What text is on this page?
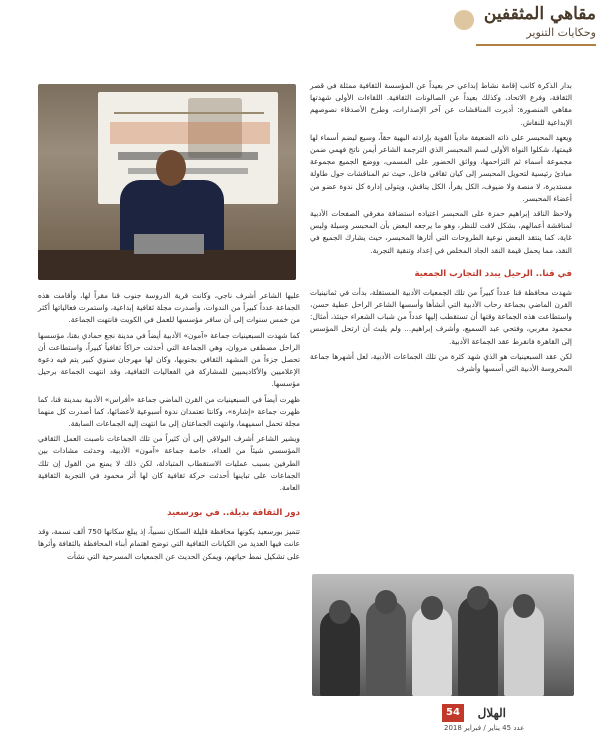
مقاهي المثقفين
وحكايات التنوير

بدار الذكرة كانب إقامة نشاط إبداعي حر بعيداً عن المؤسسة الثقافية ممثلة في قصر الثقافة، وفرع الاتحاد، وكذلك بعيداً عن الصالونات الثقافية. اللقاءات الأولى شهدتها مقاهي المنصورة: أديرت المناقشات عن آخر الإصدارات، وطرح الأصدقاء نصوصهم الإبداعية للنقاش.

ويعهد المحبسر على ذاته الضعيفة مادياً القوية بإرادته البهية حقاً، وسيع ليضم أسماء لها قيمتها، شكلوا النواة الأولى لسم المحبسر الذي الترجمة الشاعر أيمن ناتج فهمي ضمن مجموعة أسماء ثم التزاحمها، وواثق الحضور على المسمى، ووضع الجميع مجموعة مبادئ رئيسية لتحويل المحبسر إلى كيان ثقافي فاعل، حيث تم المناقشات حول طاولة مستديرة، لا منصة ولا ضيوف، الكل يقرأ، الكل يناقش، ويتولى إدارة كل ندوة عضو من أعضاء المحبسر.

ولاحظ الناقد إبراهيم حمزة على المحبسر اعتياده استضافة مغرقي الصفحات الأدبية لمناقشة أعمالهم، بشكل لافت للنظر، وهو ما يرجعه البعض بأن المحبسر وسيلة وليس غاية، كما ينتقد البعض نوعية الطروحات التي أثارها المحبسر، حيث يشارك الجميع في النقد، مما يحمل قيمة النقد الجاد المخلص في إعداد وتنقية التجربة.

في قنا.. الرحيل يبدد التجارب الجمعية

شهدت محافظة قنا عدداً كبيراً من تلك الجمعيات الأدبية المستقلة، بدأت في ثمانينيات القرن الماضي بجماعة رحاب الأدبية التي أنشأها وأسسها الشاعر الراحل عطية حسن، واستطاعت هذه الجماعة وقتها أن تستقطب إليها عدداً من شباب الشعراء حينئذ، أمثال: محمود مغربي، وفتحي عبد السميع، وأشرف إبراهيم... ولم يلبث أن ارتحل المؤسس إلى القاهرة فانفرط عقد الجماعة الأدبية.

لكن عقد السبعينيات هو الذي شهد كثرة من تلك الجماعات الأدبية، لعل أشهرها جماعة المحروسة الأدبية التي أسسها وأشرف

عليها الشاعر أشرف ناجي، وكانت قرية الدروسة جنوب قنا مقراً لها، وأقامت هذه الجماعة عدداً كبيراً من الندوات، وأصدرت مجلة ثقافية إبداعية، واستمرت فعالياتها أكثر من خمس سنوات إلى أن سافر مؤسسها للعمل في الكويت فانتهت الجماعة.

كما شهدت السبعينيات جماعة «آمون» الأدبية أيضاً في مدينة نجع حمادي بقنا، مؤسسها الراحل مصطفى مروان، وهي الجماعة التي أحدثت حراكاً ثقافياً كبيراً، واستطاعت أن تحصل جزءاً من المشهد الثقافي بجنوبها، وكان لها مهرجان سنوي كبير يتم فيه دعوة الإعلاميين والأكاديميين للمشاركة في الفعاليات الثقافية، وقد انتهت الجماعة برحيل مؤسسها.

ظهرت أيضاً في السبعينيات من القرن الماضي جماعة «أفراس» الأدبية بمدينة قنا، كما ظهرت جماعة «إشارة»، وكانتا تعتمدان ندوة أسبوعية لأعضائها، كما أصدرت كل منهما مجلة تحمل اسميهما، وانتهت الجماعتان إلى ما انتهت إليه الجماعات السابقة.

ويشير الشاعر أشرف البولاقي إلى أن كثيراً من تلك الجماعات ناصبت العمل الثقافي المؤسسي شيئاً من العداء، خاصة جماعة «آمون» الأدبية، وحدثت مشادات بين الطرفين بسبب عمليات الاستقطاب المتبادلة، لكن ذلك لا يمنع من القول إن تلك الجماعات على تباينها أحدثت حركة ثقافية كان لها أثر محمود في التجربة الثقافية العامة.

دور الثقافة بديلة.. في بورسعيد

تتميز بورسعيد بكونها محافظة قليلة السكان نسبياً، إذ يبلغ سكانها 750 ألف نسمة، وقد عانت فيها العديد من الكيانات الثقافية التي توضح اهتمام أبناء المحافظة بالثقافة وأثرها على تشكيل نمط حياتهم، ويمكن الحديث عن الجمعيات المسرحية التي نشأت

54	الهلال
عدد 45 يناير / فبراير 2018
